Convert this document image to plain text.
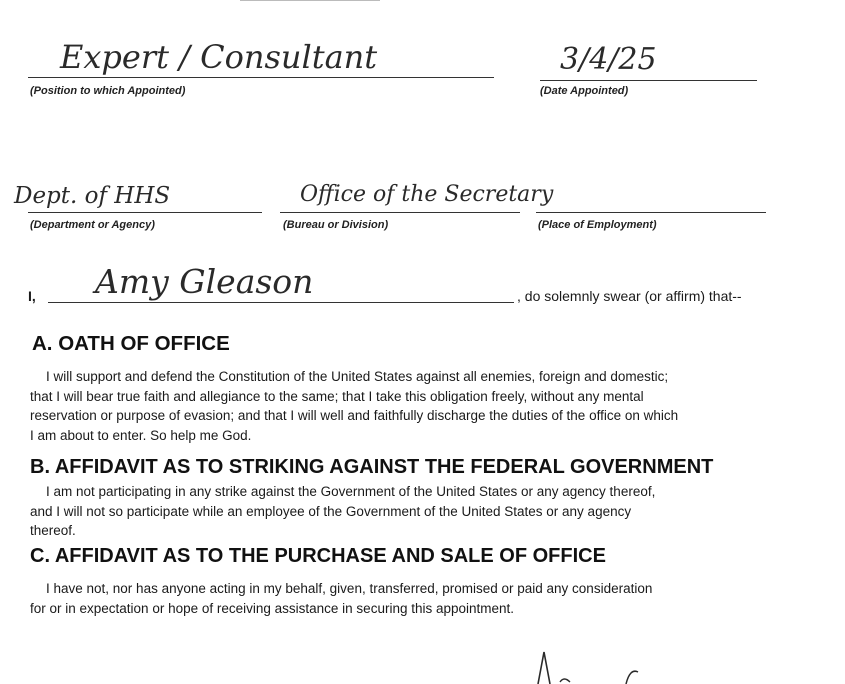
Expert / Consultant
(Position to which Appointed)
3/4/25
(Date Appointed)
Dept. of HHS
(Department or Agency)
Office of the Secretary
(Bureau or Division)	(Place of Employment)
I, Amy Gleason	, do solemnly swear (or affirm) that--
A. OATH OF OFFICE
I will support and defend the Constitution of the United States against all enemies, foreign and domestic;
that I will bear true faith and allegiance to the same; that I take this obligation freely, without any mental
reservation or purpose of evasion; and that I will well and faithfully discharge the duties of the office on which
I am about to enter. So help me God.
B. AFFIDAVIT AS TO STRIKING AGAINST THE FEDERAL GOVERNMENT
I am not participating in any strike against the Government of the United States or any agency thereof,
and I will not so participate while an employee of the Government of the United States or any agency
thereof.
C. AFFIDAVIT AS TO THE PURCHASE AND SALE OF OFFICE
I have not, nor has anyone acting in my behalf, given, transferred, promised or paid any consideration
for or in expectation or hope of receiving assistance in securing this appointment.
